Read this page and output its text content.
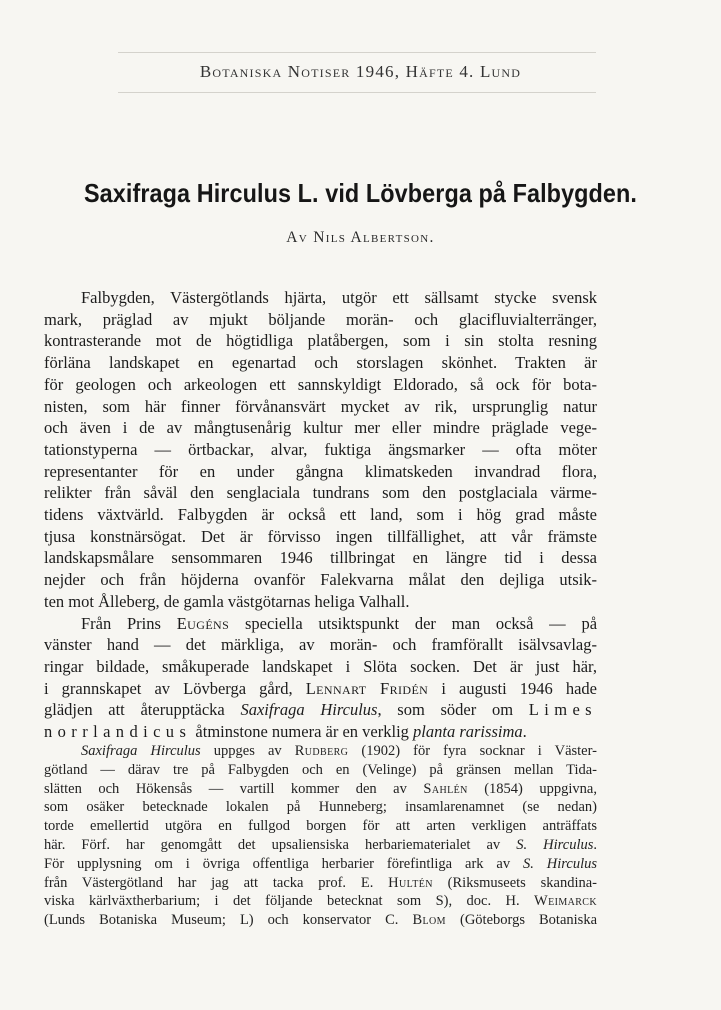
Botaniska Notiser 1946, Häfte 4. Lund
Saxifraga Hirculus L. vid Lövberga på Falbygden.
Av Nils Albertson.

Falbygden, Västergötlands hjärta, utgör ett sällsamt stycke svensk

mark, präglad av mjukt böljande morän- och glacifluvialterränger,

kontrasterande mot de högtidliga platåbergen, som i sin stolta resning

förläna landskapet en egenartad och storslagen skönhet. Trakten är

för geologen och arkeologen ett sannskyldigt Eldorado, så ock för bota-

nisten, som här finner förvånansvärt mycket av rik, ursprunglig natur

och även i de av mångtusenårig kultur mer eller mindre präglade vege-

tationstyperna — örtbackar, alvar, fuktiga ängsmarker — ofta möter

representanter för en under gångna klimatskeden invandrad flora,

relikter från såväl den senglaciala tundrans som den postglaciala värme-

tidens växtvärld. Falbygden är också ett land, som i hög grad måste

tjusa konstnärsögat. Det är förvisso ingen tillfällighet, att vår främste

landskapsmålare sensommaren 1946 tillbringat en längre tid i dessa

nejder och från höjderna ovanför Falekvarna målat den dejliga utsik-

ten mot Ålleberg, de gamla västgötarnas heliga Valhall.

Från Prins Eugéns speciella utsiktspunkt der man också — på

vänster hand — det märkliga, av morän- och framförallt isälvsavlag-

ringar bildade, småkuperade landskapet i Slöta socken. Det är just här,

i grannskapet av Lövberga gård, Lennart Fridén i augusti 1946 hade

glädjen att återupptäcka Saxifraga Hirculus, som söder om Limes

norrlandicus åtminstone numera är en verklig planta rarissima.

Saxifraga Hirculus uppges av Rudberg (1902) för fyra socknar i Väster-

götland — därav tre på Falbygden och en (Velinge) på gränsen mellan Tida-

slätten och Hökensås — vartill kommer den av Sahlén (1854) uppgivna,

som osäker betecknade lokalen på Hunneberg; insamlarenamnet (se nedan)

torde emellertid utgöra en fullgod borgen för att arten verkligen anträffats

här. Förf. har genomgått det upsaliensiska herbariematerialet av S. Hirculus.

För upplysning om i övriga offentliga herbarier förefintliga ark av S. Hirculus

från Västergötland har jag att tacka prof. E. Hultén (Riksmuseets skandina-

viska kärlväxtherbarium; i det följande betecknat som S), doc. H. Weimarck

(Lunds Botaniska Museum; L) och konservator C. Blom (Göteborgs Botaniska
